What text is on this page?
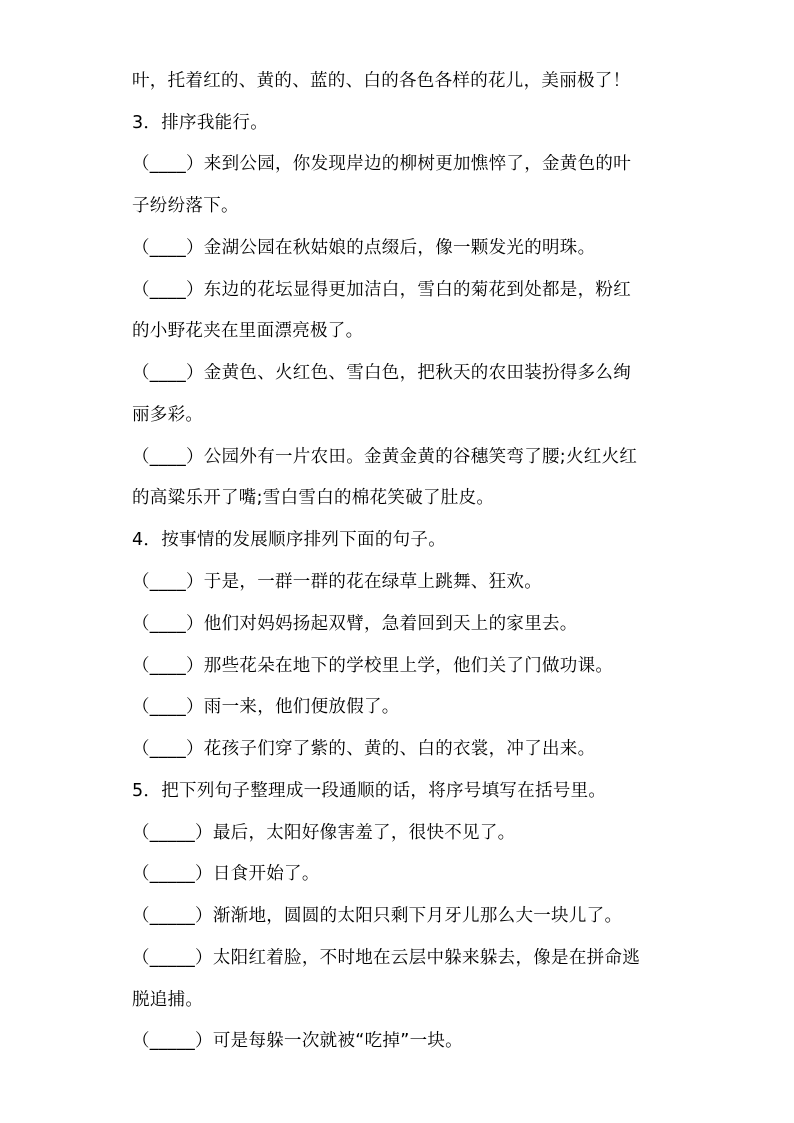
叶，托着红的、黄的、蓝的、白的各色各样的花儿，美丽极了！
3．排序我能行。
（____）来到公园，你发现岸边的柳树更加憔悴了，金黄色的叶
子纷纷落下。
（____）金湖公园在秋姑娘的点缀后，像一颗发光的明珠。
（____）东边的花坛显得更加洁白，雪白的菊花到处都是，粉红
的小野花夹在里面漂亮极了。
（____）金黄色、火红色、雪白色，把秋天的农田装扮得多么绚
丽多彩。
（____）公园外有一片农田。金黄金黄的谷穗笑弯了腰;火红火红
的高粱乐开了嘴;雪白雪白的棉花笑破了肚皮。
4．按事情的发展顺序排列下面的句子。
（____）于是，一群一群的花在绿草上跳舞、狂欢。
（____）他们对妈妈扬起双臂，急着回到天上的家里去。
（____）那些花朵在地下的学校里上学，他们关了门做功课。
（____）雨一来，他们便放假了。
（____）花孩子们穿了紫的、黄的、白的衣裳，冲了出来。
5．把下列句子整理成一段通顺的话，将序号填写在括号里。
（_____）最后，太阳好像害羞了，很快不见了。
（_____）日食开始了。
（_____）渐渐地，圆圆的太阳只剩下月牙儿那么大一块儿了。
（_____）太阳红着脸，不时地在云层中躲来躲去，像是在拼命逃
脱追捕。
（_____）可是每躲一次就被“吃掉”一块。
